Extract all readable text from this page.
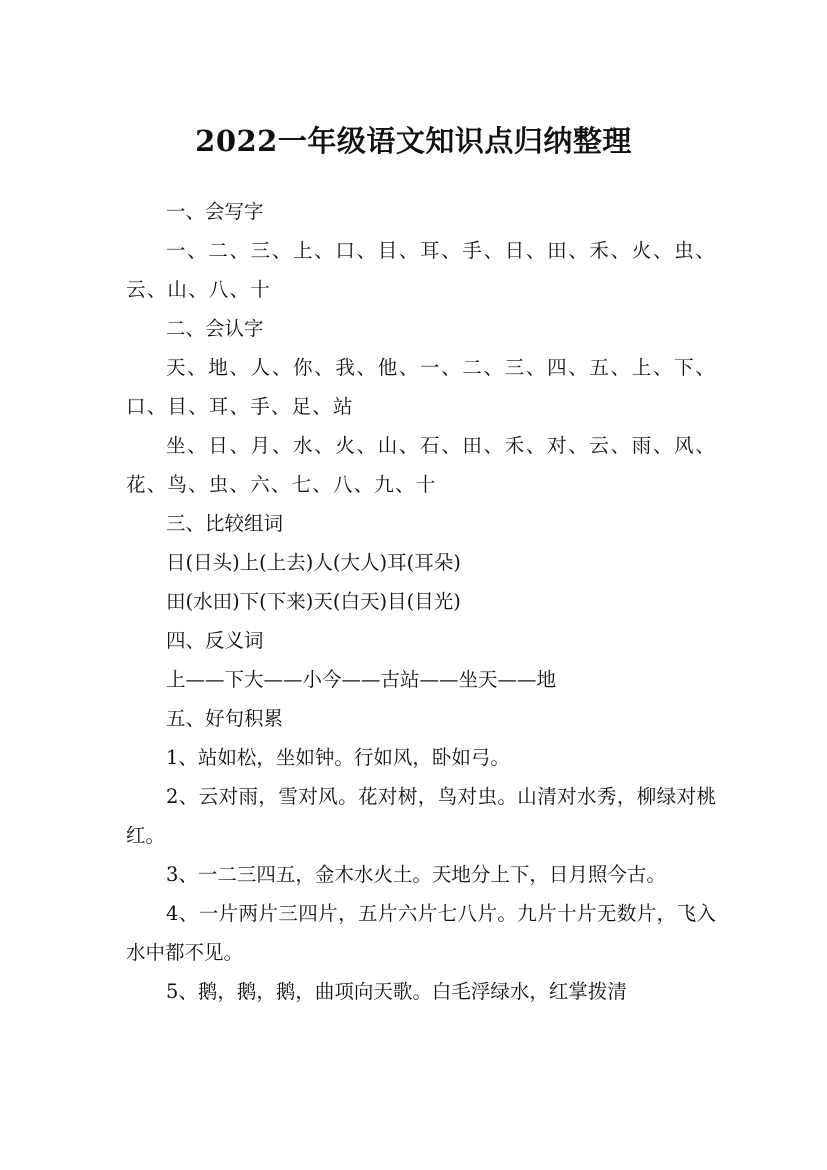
2022一年级语文知识点归纳整理

一、会写字

一、二、三、上、口、目、耳、手、日、田、禾、火、虫、云、山、八、十

二、会认字

天、地、人、你、我、他、一、二、三、四、五、上、下、口、目、耳、手、足、站

坐、日、月、水、火、山、石、田、禾、对、云、雨、风、花、鸟、虫、六、七、八、九、十

三、比较组词

日(日头)上(上去)人(大人)耳(耳朵)

田(水田)下(下来)天(白天)目(目光)

四、反义词

上——下大——小今——古站——坐天——地

五、好句积累

1、站如松，坐如钟。行如风，卧如弓。

2、云对雨，雪对风。花对树，鸟对虫。山清对水秀，柳绿对桃红。

3、一二三四五，金木水火土。天地分上下，日月照今古。

4、一片两片三四片，五片六片七八片。九片十片无数片，飞入水中都不见。

5、鹅，鹅，鹅，曲项向天歌。白毛浮绿水，红掌拨清
